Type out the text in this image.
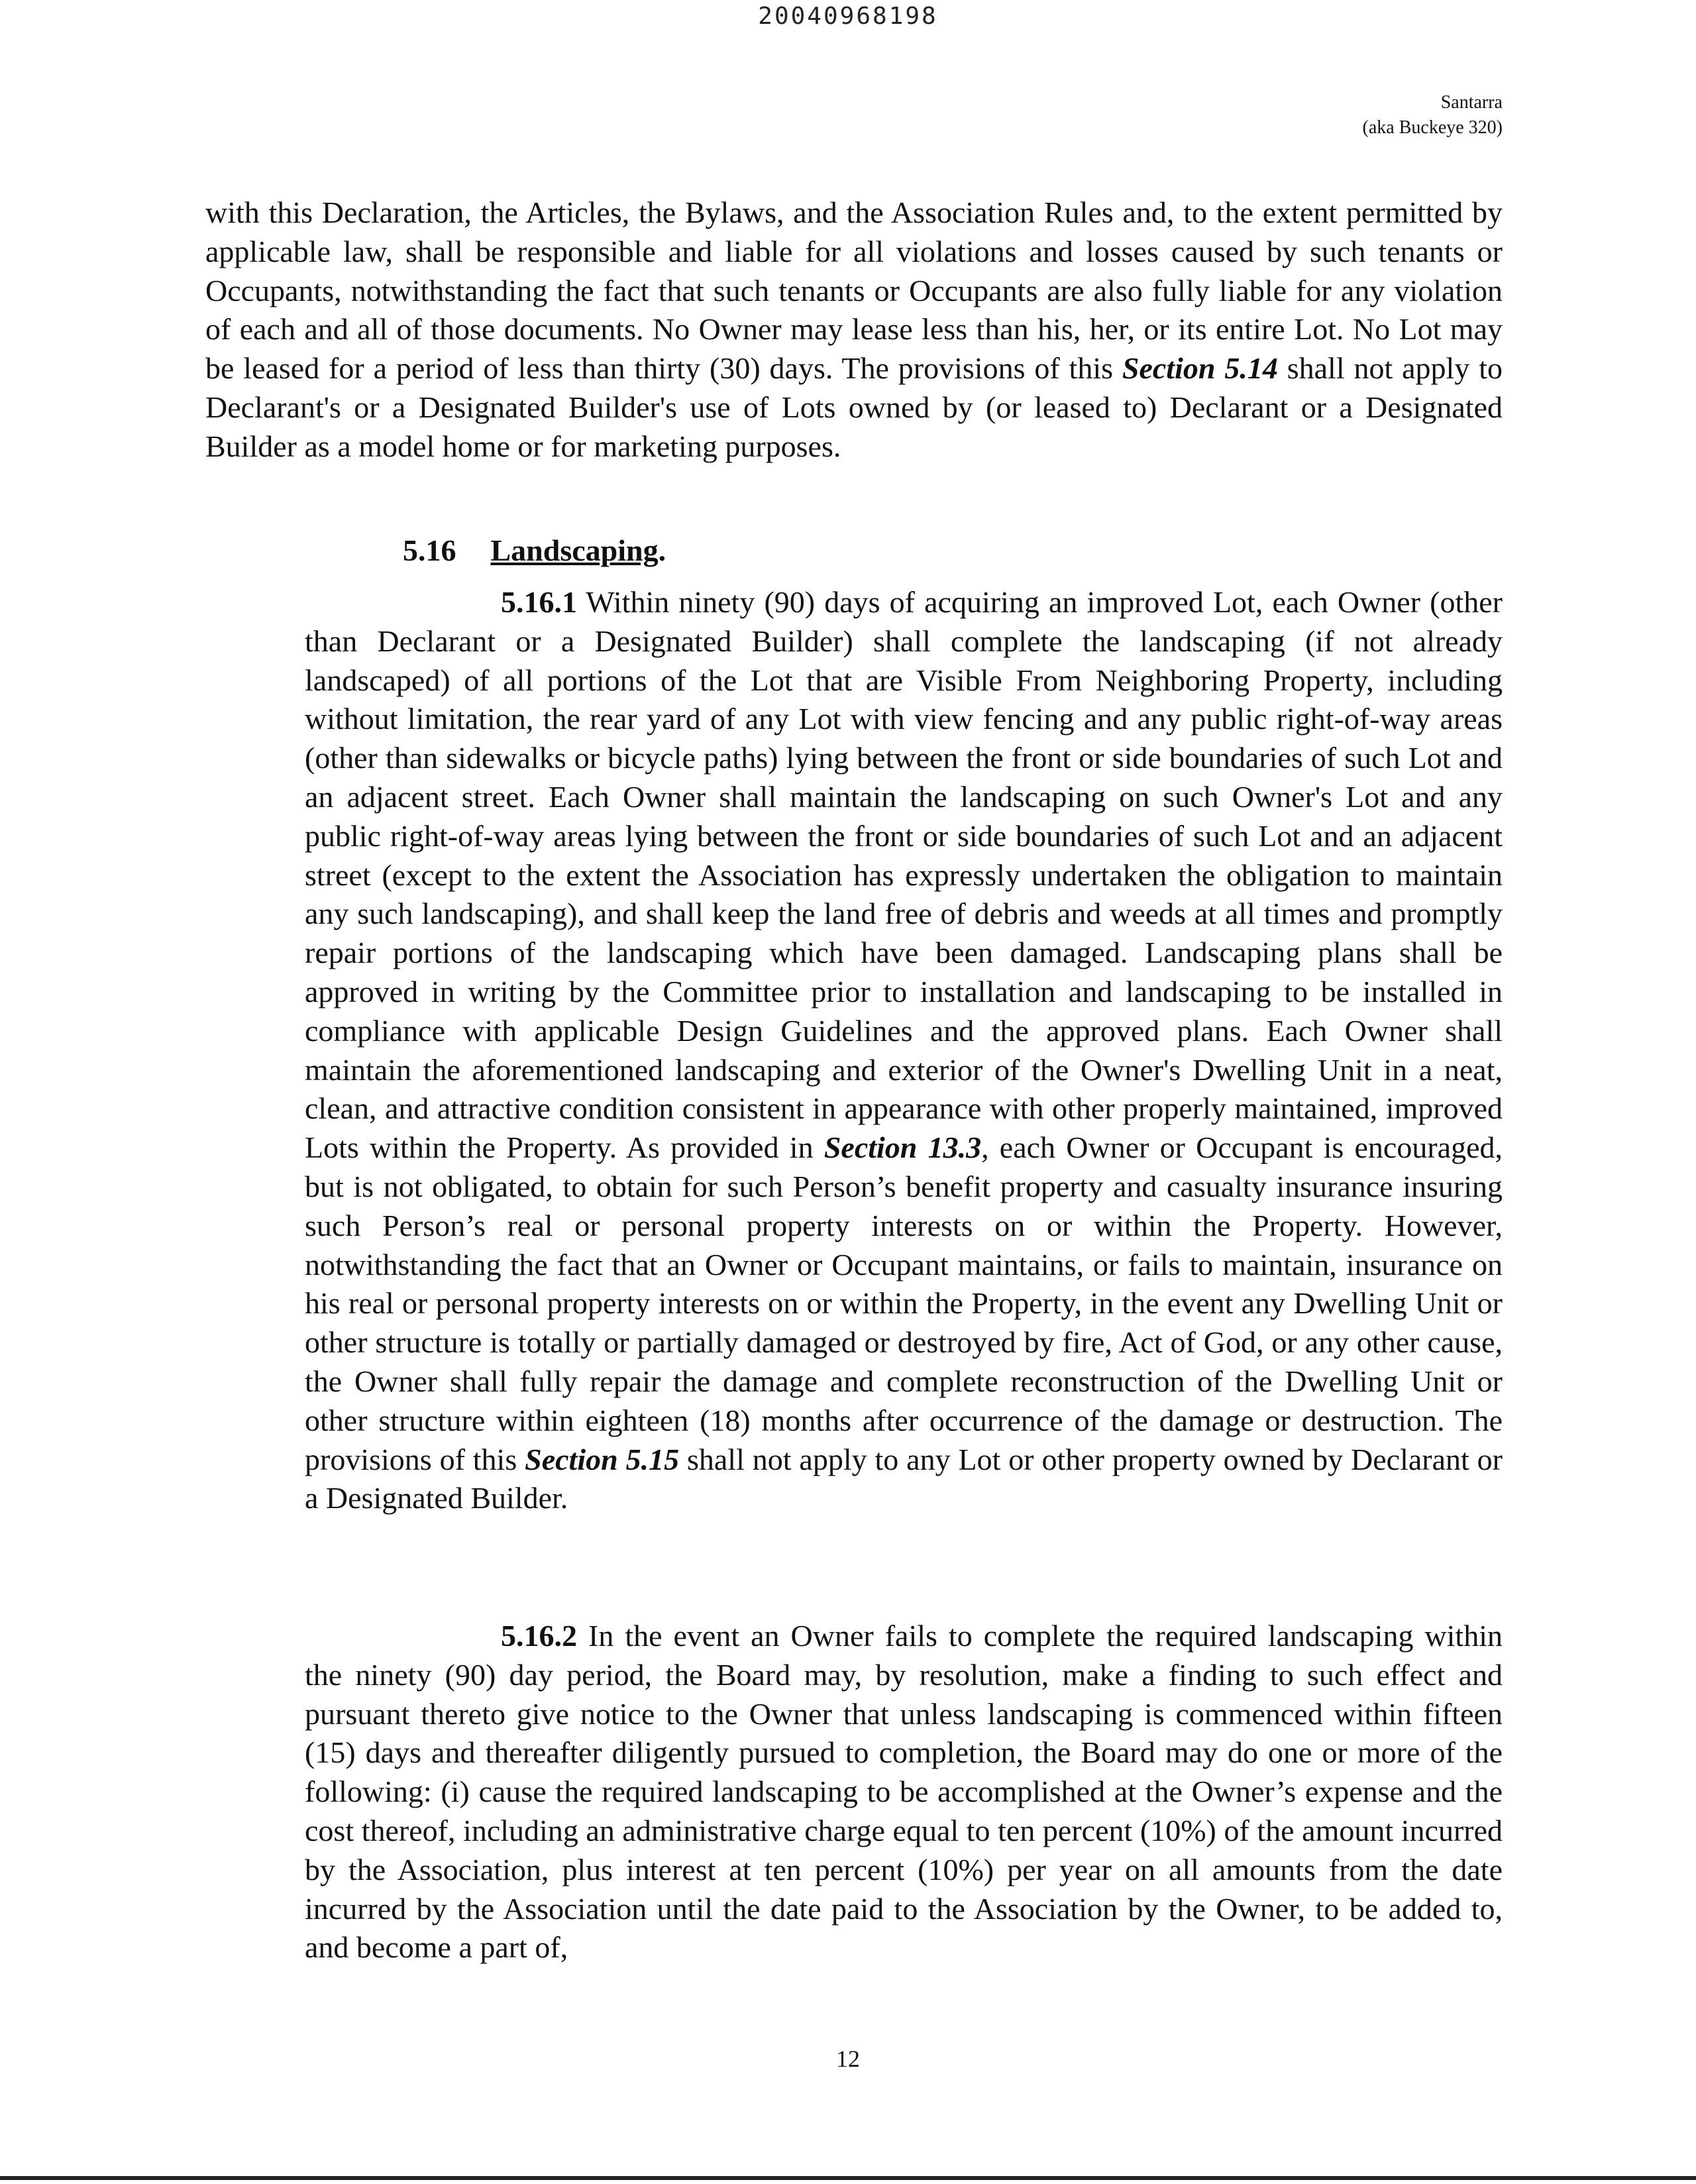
20040968198
Santarra
(aka Buckeye 320)
with this Declaration, the Articles, the Bylaws, and the Association Rules and, to the extent permitted by applicable law, shall be responsible and liable for all violations and losses caused by such tenants or Occupants, notwithstanding the fact that such tenants or Occupants are also fully liable for any violation of each and all of those documents. No Owner may lease less than his, her, or its entire Lot. No Lot may be leased for a period of less than thirty (30) days. The provisions of this Section 5.14 shall not apply to Declarant's or a Designated Builder's use of Lots owned by (or leased to) Declarant or a Designated Builder as a model home or for marketing purposes.
5.16 Landscaping.
5.16.1 Within ninety (90) days of acquiring an improved Lot, each Owner (other than Declarant or a Designated Builder) shall complete the landscaping (if not already landscaped) of all portions of the Lot that are Visible From Neighboring Property, including without limitation, the rear yard of any Lot with view fencing and any public right-of-way areas (other than sidewalks or bicycle paths) lying between the front or side boundaries of such Lot and an adjacent street. Each Owner shall maintain the landscaping on such Owner's Lot and any public right-of-way areas lying between the front or side boundaries of such Lot and an adjacent street (except to the extent the Association has expressly undertaken the obligation to maintain any such landscaping), and shall keep the land free of debris and weeds at all times and promptly repair portions of the landscaping which have been damaged. Landscaping plans shall be approved in writing by the Committee prior to installation and landscaping to be installed in compliance with applicable Design Guidelines and the approved plans. Each Owner shall maintain the aforementioned landscaping and exterior of the Owner's Dwelling Unit in a neat, clean, and attractive condition consistent in appearance with other properly maintained, improved Lots within the Property. As provided in Section 13.3, each Owner or Occupant is encouraged, but is not obligated, to obtain for such Person’s benefit property and casualty insurance insuring such Person’s real or personal property interests on or within the Property. However, notwithstanding the fact that an Owner or Occupant maintains, or fails to maintain, insurance on his real or personal property interests on or within the Property, in the event any Dwelling Unit or other structure is totally or partially damaged or destroyed by fire, Act of God, or any other cause, the Owner shall fully repair the damage and complete reconstruction of the Dwelling Unit or other structure within eighteen (18) months after occurrence of the damage or destruction. The provisions of this Section 5.15 shall not apply to any Lot or other property owned by Declarant or a Designated Builder.
5.16.2 In the event an Owner fails to complete the required landscaping within the ninety (90) day period, the Board may, by resolution, make a finding to such effect and pursuant thereto give notice to the Owner that unless landscaping is commenced within fifteen (15) days and thereafter diligently pursued to completion, the Board may do one or more of the following: (i) cause the required landscaping to be accomplished at the Owner’s expense and the cost thereof, including an administrative charge equal to ten percent (10%) of the amount incurred by the Association, plus interest at ten percent (10%) per year on all amounts from the date incurred by the Association until the date paid to the Association by the Owner, to be added to, and become a part of,
12
